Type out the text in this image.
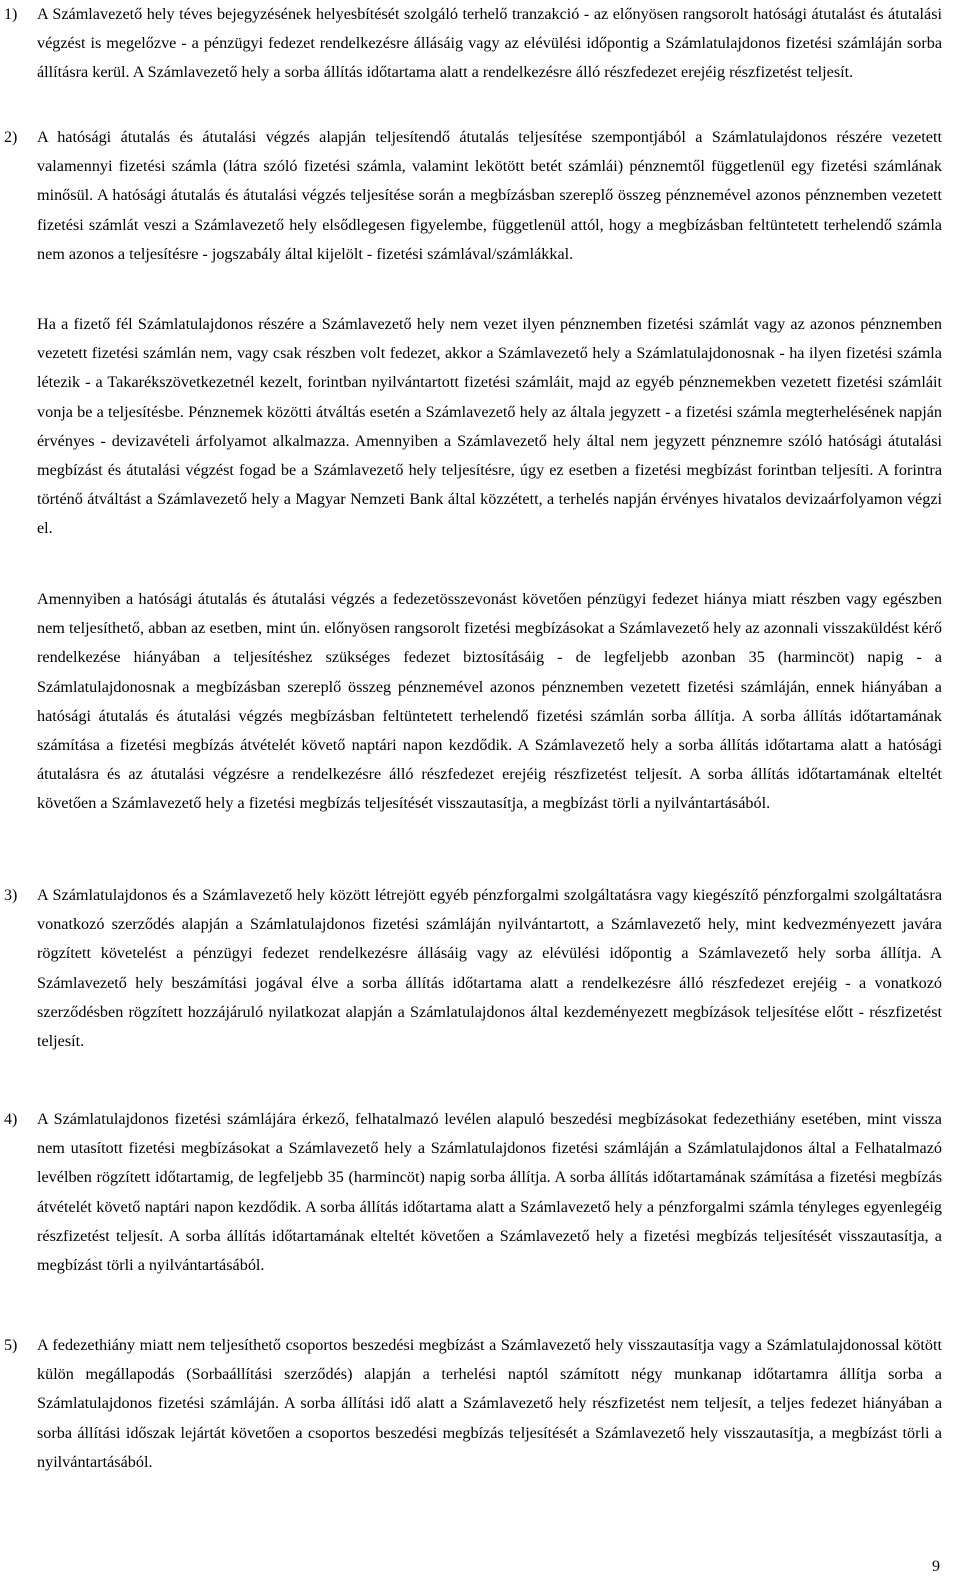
1) A Számlavezető hely téves bejegyzésének helyesbítését szolgáló terhelő tranzakció - az előnyösen rangsorolt hatósági átutalást és átutalási végzést is megelőzve - a pénzügyi fedezet rendelkezésre állásáig vagy az elévülési időpontig a Számlatulajdonos fizetési számláján sorba állításra kerül. A Számlavezető hely a sorba állítás időtartama alatt a rendelkezésre álló részfedezet erejéig részfizetést teljesít.

2) A hatósági átutalás és átutalási végzés alapján teljesítendő átutalás teljesítése szempontjából a Számlatulajdonos részére vezetett valamennyi fizetési számla (látra szóló fizetési számla, valamint lekötött betét számlái) pénznemtől függetlenül egy fizetési számlának minősül. A hatósági átutalás és átutalási végzés teljesítése során a megbízásban szereplő összeg pénznemével azonos pénznemben vezetett fizetési számlát veszi a Számlavezető hely elsődlegesen figyelembe, függetlenül attól, hogy a megbízásban feltüntetett terhelendő számla nem azonos a teljesítésre - jogszabály által kijelölt - fizetési számlával/számlákkal.

Ha a fizető fél Számlatulajdonos részére a Számlavezető hely nem vezet ilyen pénznemben fizetési számlát vagy az azonos pénznemben vezetett fizetési számlán nem, vagy csak részben volt fedezet, akkor a Számlavezető hely a Számlatulajdonosnak - ha ilyen fizetési számla létezik - a Takarékszövetkezetnél kezelt, forintban nyilvántartott fizetési számláit, majd az egyéb pénznemekben vezetett fizetési számláit vonja be a teljesítésbe. Pénznemek közötti átváltás esetén a Számlavezető hely az általa jegyzett - a fizetési számla megterhelésének napján érvényes - devizavételi árfolyamot alkalmazza. Amennyiben a Számlavezető hely által nem jegyzett pénznemre szóló hatósági átutalási megbízást és átutalási végzést fogad be a Számlavezető hely teljesítésre, úgy ez esetben a fizetési megbízást forintban teljesíti. A forintra történő átváltást a Számlavezető hely a Magyar Nemzeti Bank által közzétett, a terhelés napján érvényes hivatalos devizaárfolyamon végzi el.

Amennyiben a hatósági átutalás és átutalási végzés a fedezetösszevonást követően pénzügyi fedezet hiánya miatt részben vagy egészben nem teljesíthető, abban az esetben, mint ún. előnyösen rangsorolt fizetési megbízásokat a Számlavezető hely az azonnali visszaküldést kérő rendelkezése hiányában a teljesítéshez szükséges fedezet biztosításáig - de legfeljebb azonban 35 (harmincöt) napig - a Számlatulajdonosnak a megbízásban szereplő összeg pénznemével azonos pénznemben vezetett fizetési számláján, ennek hiányában a hatósági átutalás és átutalási végzés megbízásban feltüntetett terhelendő fizetési számlán sorba állítja. A sorba állítás időtartamának számítása a fizetési megbízás átvételét követő naptári napon kezdődik. A Számlavezető hely a sorba állítás időtartama alatt a hatósági átutalásra és az átutalási végzésre a rendelkezésre álló részfedezet erejéig részfizetést teljesít. A sorba állítás időtartamának elteltét követően a Számlavezető hely a fizetési megbízás teljesítését visszautasítja, a megbízást törli a nyilvántartásából.

3) A Számlatulajdonos és a Számlavezető hely között létrejött egyéb pénzforgalmi szolgáltatásra vagy kiegészítő pénzforgalmi szolgáltatásra vonatkozó szerződés alapján a Számlatulajdonos fizetési számláján nyilvántartott, a Számlavezető hely, mint kedvezményezett javára rögzített követelést a pénzügyi fedezet rendelkezésre állásáig vagy az elévülési időpontig a Számlavezető hely sorba állítja. A Számlavezető hely beszámítási jogával élve a sorba állítás időtartama alatt a rendelkezésre álló részfedezet erejéig - a vonatkozó szerződésben rögzített hozzájáruló nyilatkozat alapján a Számlatulajdonos által kezdeményezett megbízások teljesítése előtt - részfizetést teljesít.

4) A Számlatulajdonos fizetési számlájára érkező, felhatalmazó levélen alapuló beszedési megbízásokat fedezethiány esetében, mint vissza nem utasított fizetési megbízásokat a Számlavezető hely a Számlatulajdonos fizetési számláján a Számlatulajdonos által a Felhatalmazó levélben rögzített időtartamig, de legfeljebb 35 (harmincöt) napig sorba állítja. A sorba állítás időtartamának számítása a fizetési megbízás átvételét követő naptári napon kezdődik. A sorba állítás időtartama alatt a Számlavezető hely a pénzforgalmi számla tényleges egyenlegéig részfizetést teljesít. A sorba állítás időtartamának elteltét követően a Számlavezető hely a fizetési megbízás teljesítését visszautasítja, a megbízást törli a nyilvántartásából.

5) A fedezethiány miatt nem teljesíthető csoportos beszedési megbízást a Számlavezető hely visszautasítja vagy a Számlatulajdonossal kötött külön megállapodás (Sorbaállítási szerződés) alapján a terhelési naptól számított négy munkanap időtartamra állítja sorba a Számlatulajdonos fizetési számláján. A sorba állítási idő alatt a Számlavezető hely részfizetést nem teljesít, a teljes fedezet hiányában a sorba állítási időszak lejártát követően a csoportos beszedési megbízás teljesítését a Számlavezető hely visszautasítja, a megbízást törli a nyilvántartásából.

9
